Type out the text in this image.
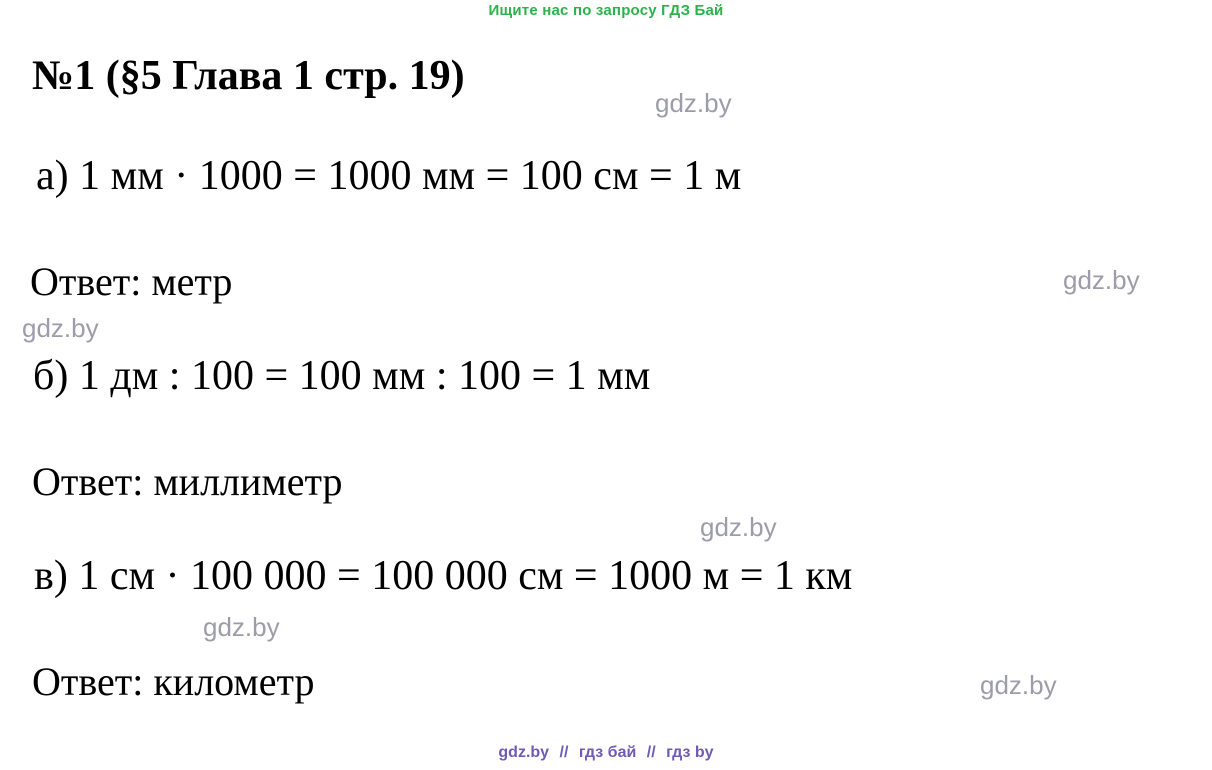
Ищите нас по запросу ГДЗ Бай
№1 (§5 Глава 1 стр. 19)
а) 1 мм · 1000 = 1000 мм = 100 см = 1 м
Ответ: метр
б) 1 дм : 100 = 100 мм : 100 = 1 мм
Ответ: миллиметр
в) 1 см · 100 000 = 100 000 см = 1000 м = 1 км
Ответ: километр
gdz.by
gdz.by
gdz.by
gdz.by
gdz.by
gdz.by
gdz.by // гдз бай // гдз by
